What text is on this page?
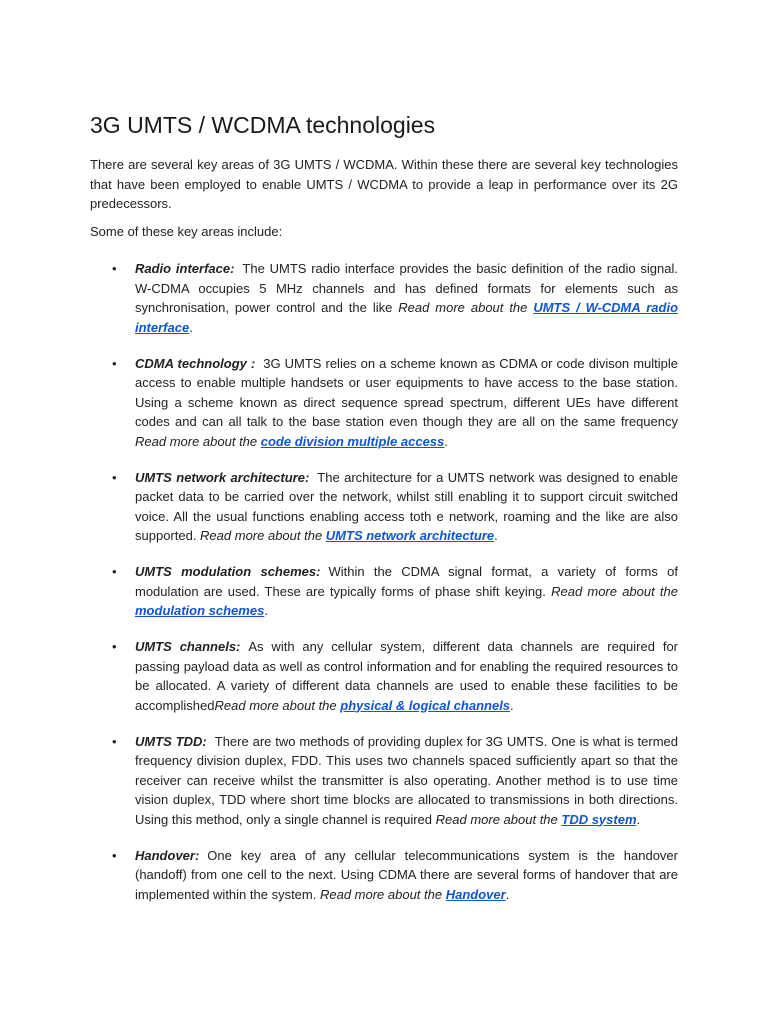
3G UMTS / WCDMA technologies

There are several key areas of 3G UMTS / WCDMA. Within these there are several key technologies that have been employed to enable UMTS / WCDMA to provide a leap in performance over its 2G predecessors.

Some of these key areas include:

• Radio interface: The UMTS radio interface provides the basic definition of the radio signal. W-CDMA occupies 5 MHz channels and has defined formats for elements such as synchronisation, power control and the like Read more about the UMTS / W-CDMA radio interface.
• CDMA technology : 3G UMTS relies on a scheme known as CDMA or code divison multiple access to enable multiple handsets or user equipments to have access to the base station. Using a scheme known as direct sequence spread spectrum, different UEs have different codes and can all talk to the base station even though they are all on the same frequency Read more about the code division multiple access.
• UMTS network architecture: The architecture for a UMTS network was designed to enable packet data to be carried over the network, whilst still enabling it to support circuit switched voice. All the usual functions enabling access toth e network, roaming and the like are also supported. Read more about the UMTS network architecture.
• UMTS modulation schemes: Within the CDMA signal format, a variety of forms of modulation are used. These are typically forms of phase shift keying. Read more about the modulation schemes.
• UMTS channels: As with any cellular system, different data channels are required for passing payload data as well as control information and for enabling the required resources to be allocated. A variety of different data channels are used to enable these facilities to be accomplishedRead more about the physical & logical channels.
• UMTS TDD: There are two methods of providing duplex for 3G UMTS. One is what is termed frequency division duplex, FDD. This uses two channels spaced sufficiently apart so that the receiver can receive whilst the transmitter is also operating. Another method is to use time vision duplex, TDD where short time blocks are allocated to transmissions in both directions. Using this method, only a single channel is required Read more about the TDD system.
• Handover: One key area of any cellular telecommunications system is the handover (handoff) from one cell to the next. Using CDMA there are several forms of handover that are implemented within the system. Read more about the Handover.
